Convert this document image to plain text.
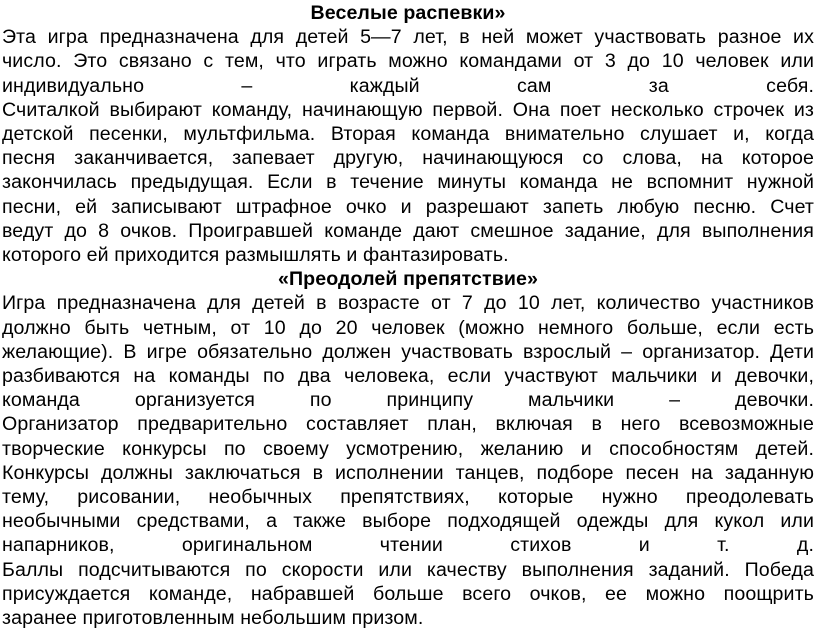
Веселые распевки»
Эта игра предназначена для детей 5—7 лет, в ней может участвовать разное их
число. Это связано с тем, что играть можно командами от 3 до 10 человек или
индивидуально – каждый сам за себя.
Считалкой выбирают команду, начинающую первой. Она поет несколько строчек из
детской песенки, мультфильма. Вторая команда внимательно слушает и, когда
песня заканчивается, запевает другую, начинающуюся со слова, на которое
закончилась предыдущая. Если в течение минуты команда не вспомнит нужной
песни, ей записывают штрафное очко и разрешают запеть любую песню. Счет
ведут до 8 очков. Проигравшей команде дают смешное задание, для выполнения
которого ей приходится размышлять и фантазировать.
«Преодолей препятствие»
Игра предназначена для детей в возрасте от 7 до 10 лет, количество участников
должно быть четным, от 10 до 20 человек (можно немного больше, если есть
желающие). В игре обязательно должен участвовать взрослый – организатор. Дети
разбиваются на команды по два человека, если участвуют мальчики и девочки,
команда организуется по принципу мальчики – девочки.
Организатор предварительно составляет план, включая в него всевозможные
творческие конкурсы по своему усмотрению, желанию и способностям детей.
Конкурсы должны заключаться в исполнении танцев, подборе песен на заданную
тему, рисовании, необычных препятствиях, которые нужно преодолевать
необычными средствами, а также выборе подходящей одежды для кукол или
напарников, оригинальном чтении стихов и т. д.
Баллы подсчитываются по скорости или качеству выполнения заданий. Победа
присуждается команде, набравшей больше всего очков, ее можно поощрить
заранее приготовленным небольшим призом.
